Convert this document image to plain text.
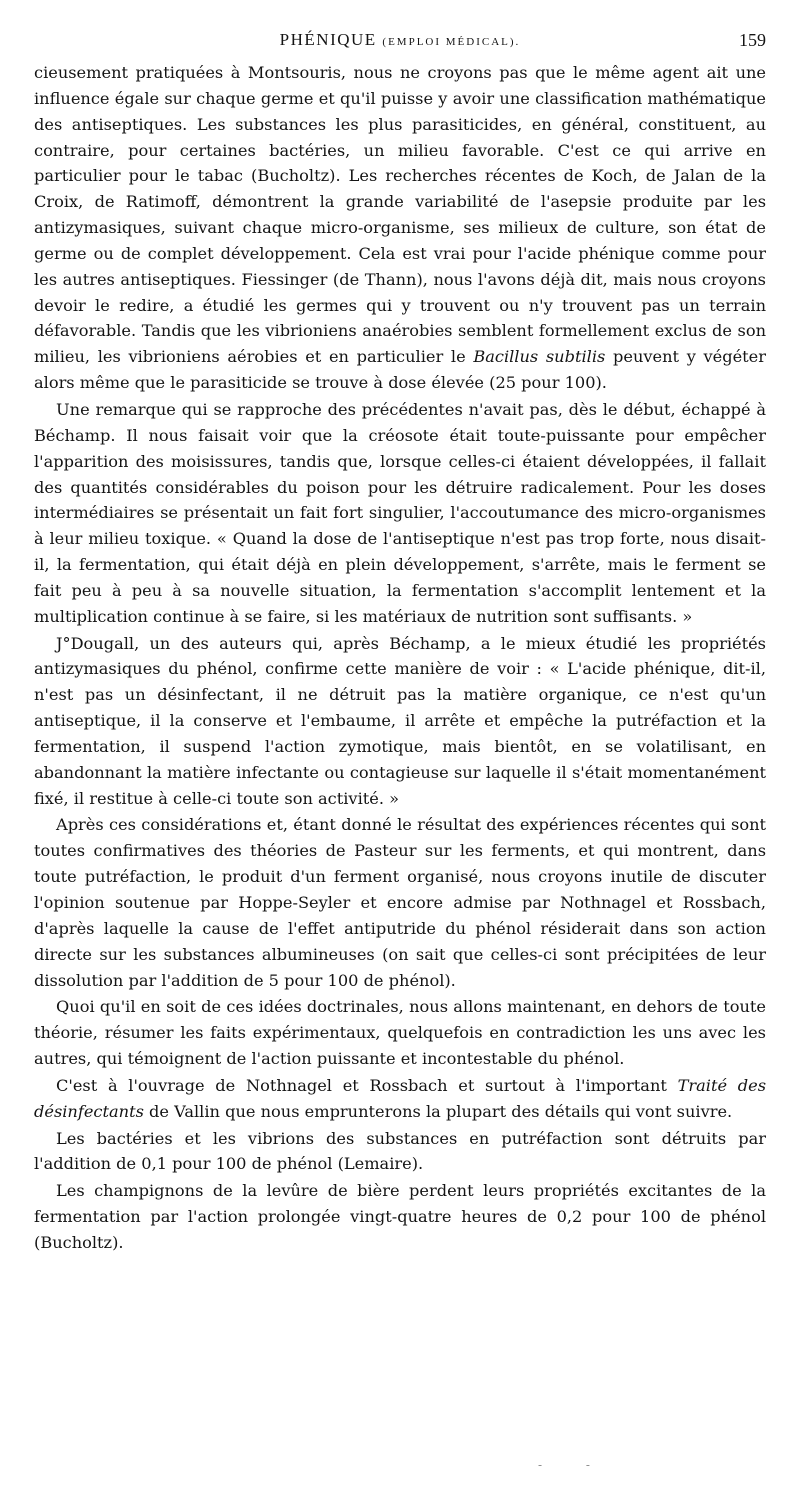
PHÉNIQUE (EMPLOI MÉDICAL).	159

cieusement pratiquées à Montsouris, nous ne croyons pas que le même agent ait une influence égale sur chaque germe et qu'il puisse y avoir une classification mathématique des antiseptiques. Les substances les plus parasiticides, en général, constituent, au contraire, pour certaines bactéries, un milieu favorable. C'est ce qui arrive en particulier pour le tabac (Bucholtz). Les recherches récentes de Koch, de Jalan de la Croix, de Ratimoff, démontrent la grande variabilité de l'asepsie produite par les antizymasiques, suivant chaque micro-organisme, ses milieux de culture, son état de germe ou de complet développement. Cela est vrai pour l'acide phénique comme pour les autres antiseptiques. Fiessinger (de Thann), nous l'avons déjà dit, mais nous croyons devoir le redire, a étudié les germes qui y trouvent ou n'y trouvent pas un terrain défavorable. Tandis que les vibrioniens anaérobies semblent formellement exclus de son milieu, les vibrioniens aérobies et en particulier le Bacillus subtilis peuvent y végéter alors même que le parasiticide se trouve à dose élevée (25 pour 100).

Une remarque qui se rapproche des précédentes n'avait pas, dès le début, échappé à Béchamp. Il nous faisait voir que la créosote était toute-puissante pour empêcher l'apparition des moisissures, tandis que, lorsque celles-ci étaient développées, il fallait des quantités considérables du poison pour les détruire radicalement. Pour les doses intermédiaires se présentait un fait fort singulier, l'accoutumance des micro-organismes à leur milieu toxique. « Quand la dose de l'antiseptique n'est pas trop forte, nous disait-il, la fermentation, qui était déjà en plein développement, s'arrête, mais le ferment se fait peu à peu à sa nouvelle situation, la fermentation s'accomplit lentement et la multiplication continue à se faire, si les matériaux de nutrition sont suffisants. »

J°Dougall, un des auteurs qui, après Béchamp, a le mieux étudié les propriétés antizymasiques du phénol, confirme cette manière de voir : « L'acide phénique, dit-il, n'est pas un désinfectant, il ne détruit pas la matière organique, ce n'est qu'un antiseptique, il la conserve et l'embaume, il arrête et empêche la putréfaction et la fermentation, il suspend l'action zymotique, mais bientôt, en se volatilisant, en abandonnant la matière infectante ou contagieuse sur laquelle il s'était momentanément fixé, il restitue à celle-ci toute son activité. »

Après ces considérations et, étant donné le résultat des expériences récentes qui sont toutes confirmatives des théories de Pasteur sur les ferments, et qui montrent, dans toute putréfaction, le produit d'un ferment organisé, nous croyons inutile de discuter l'opinion soutenue par Hoppe-Seyler et encore admise par Nothnagel et Rossbach, d'après laquelle la cause de l'effet antiputride du phénol résiderait dans son action directe sur les substances albumineuses (on sait que celles-ci sont précipitées de leur dissolution par l'addition de 5 pour 100 de phénol).

Quoi qu'il en soit de ces idées doctrinales, nous allons maintenant, en dehors de toute théorie, résumer les faits expérimentaux, quelquefois en contradiction les uns avec les autres, qui témoignent de l'action puissante et incontestable du phénol.

C'est à l'ouvrage de Nothnagel et Rossbach et surtout à l'important Traité des désinfectants de Vallin que nous emprunterons la plupart des détails qui vont suivre.

Les bactéries et les vibrions des substances en putréfaction sont détruits par l'addition de 0,1 pour 100 de phénol (Lemaire).

Les champignons de la levûre de bière perdent leurs propriétés excitantes de la fermentation par l'action prolongée vingt-quatre heures de 0,2 pour 100 de phénol (Bucholtz).

- -
